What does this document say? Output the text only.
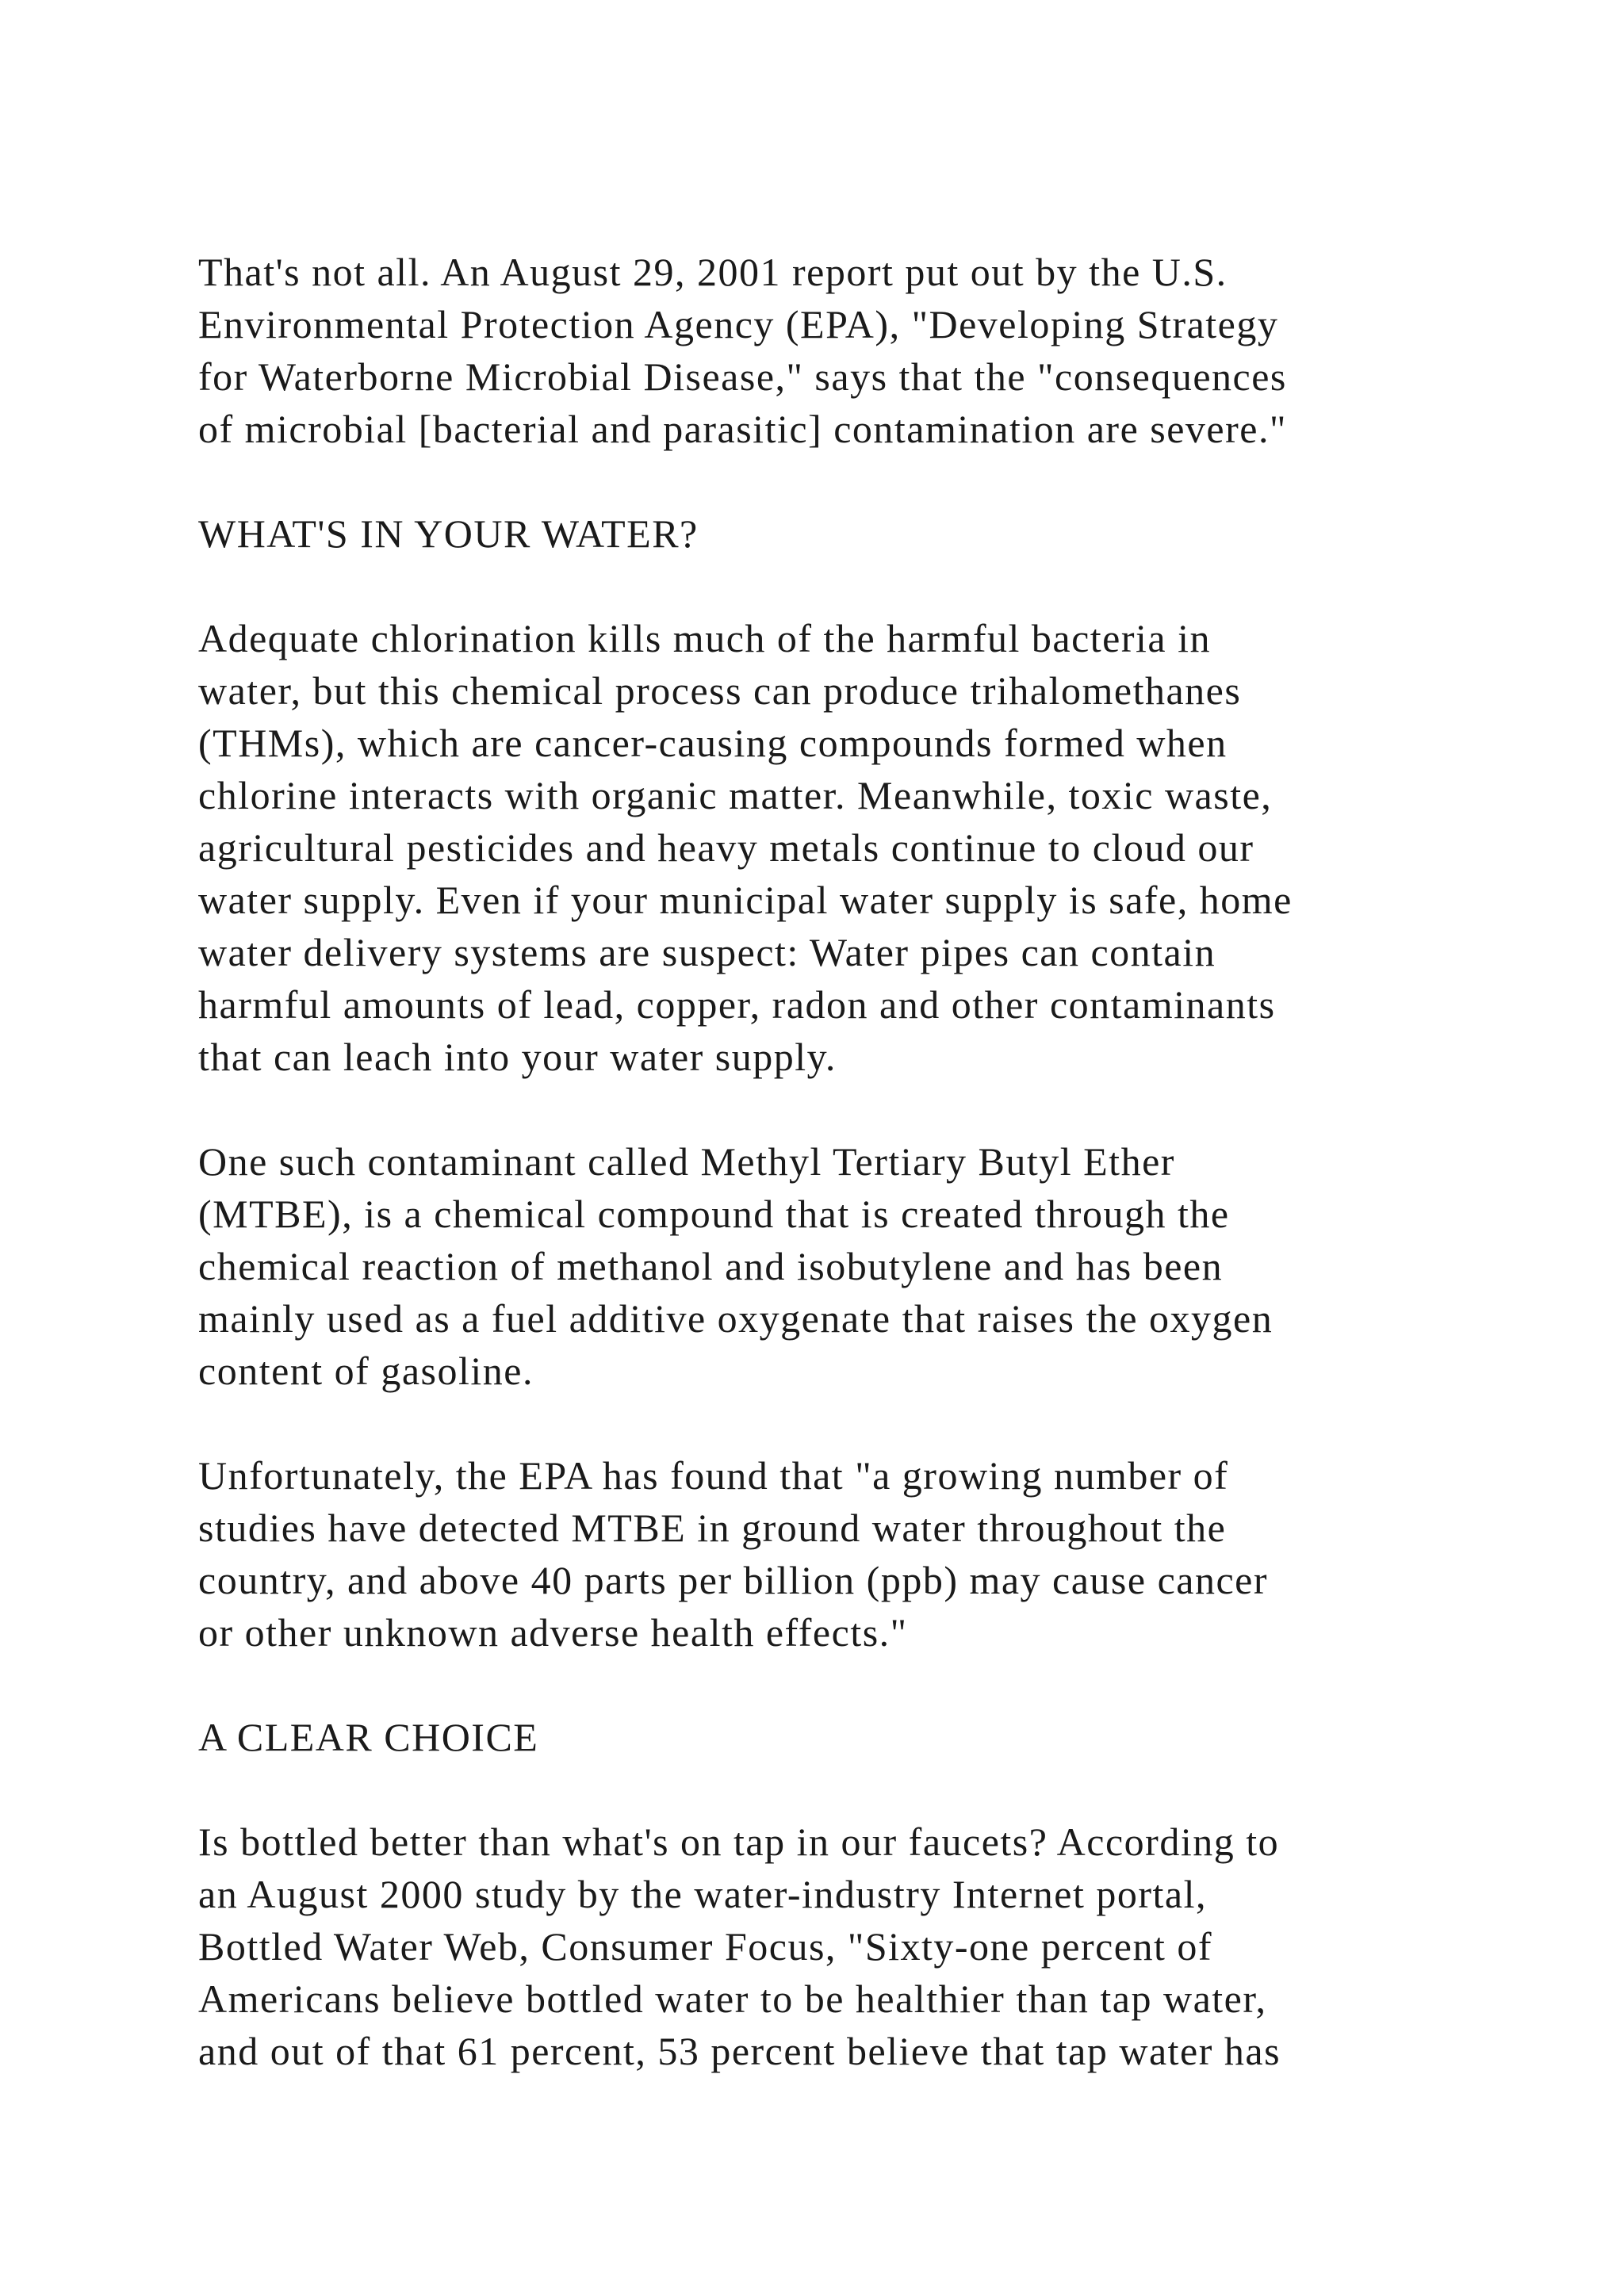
That's not all. An August 29, 2001 report put out by the U.S.
Environmental Protection Agency (EPA), "Developing Strategy
for Waterborne Microbial Disease," says that the "consequences
of microbial [bacterial and parasitic] contamination are severe."
WHAT'S IN YOUR WATER?
Adequate chlorination kills much of the harmful bacteria in
water, but this chemical process can produce trihalomethanes
(THMs), which are cancer-causing compounds formed when
chlorine interacts with organic matter. Meanwhile, toxic waste,
agricultural pesticides and heavy metals continue to cloud our
water supply. Even if your municipal water supply is safe, home
water delivery systems are suspect: Water pipes can contain
harmful amounts of lead, copper, radon and other contaminants
that can leach into your water supply.
One such contaminant called Methyl Tertiary Butyl Ether
(MTBE), is a chemical compound that is created through the
chemical reaction of methanol and isobutylene and has been
mainly used as a fuel additive oxygenate that raises the oxygen
content of gasoline.
Unfortunately, the EPA has found that "a growing number of
studies have detected MTBE in ground water throughout the
country, and above 40 parts per billion (ppb) may cause cancer
or other unknown adverse health effects."
A CLEAR CHOICE
Is bottled better than what's on tap in our faucets? According to
an August 2000 study by the water-industry Internet portal,
Bottled Water Web, Consumer Focus, "Sixty-one percent of
Americans believe bottled water to be healthier than tap water,
and out of that 61 percent, 53 percent believe that tap water has
